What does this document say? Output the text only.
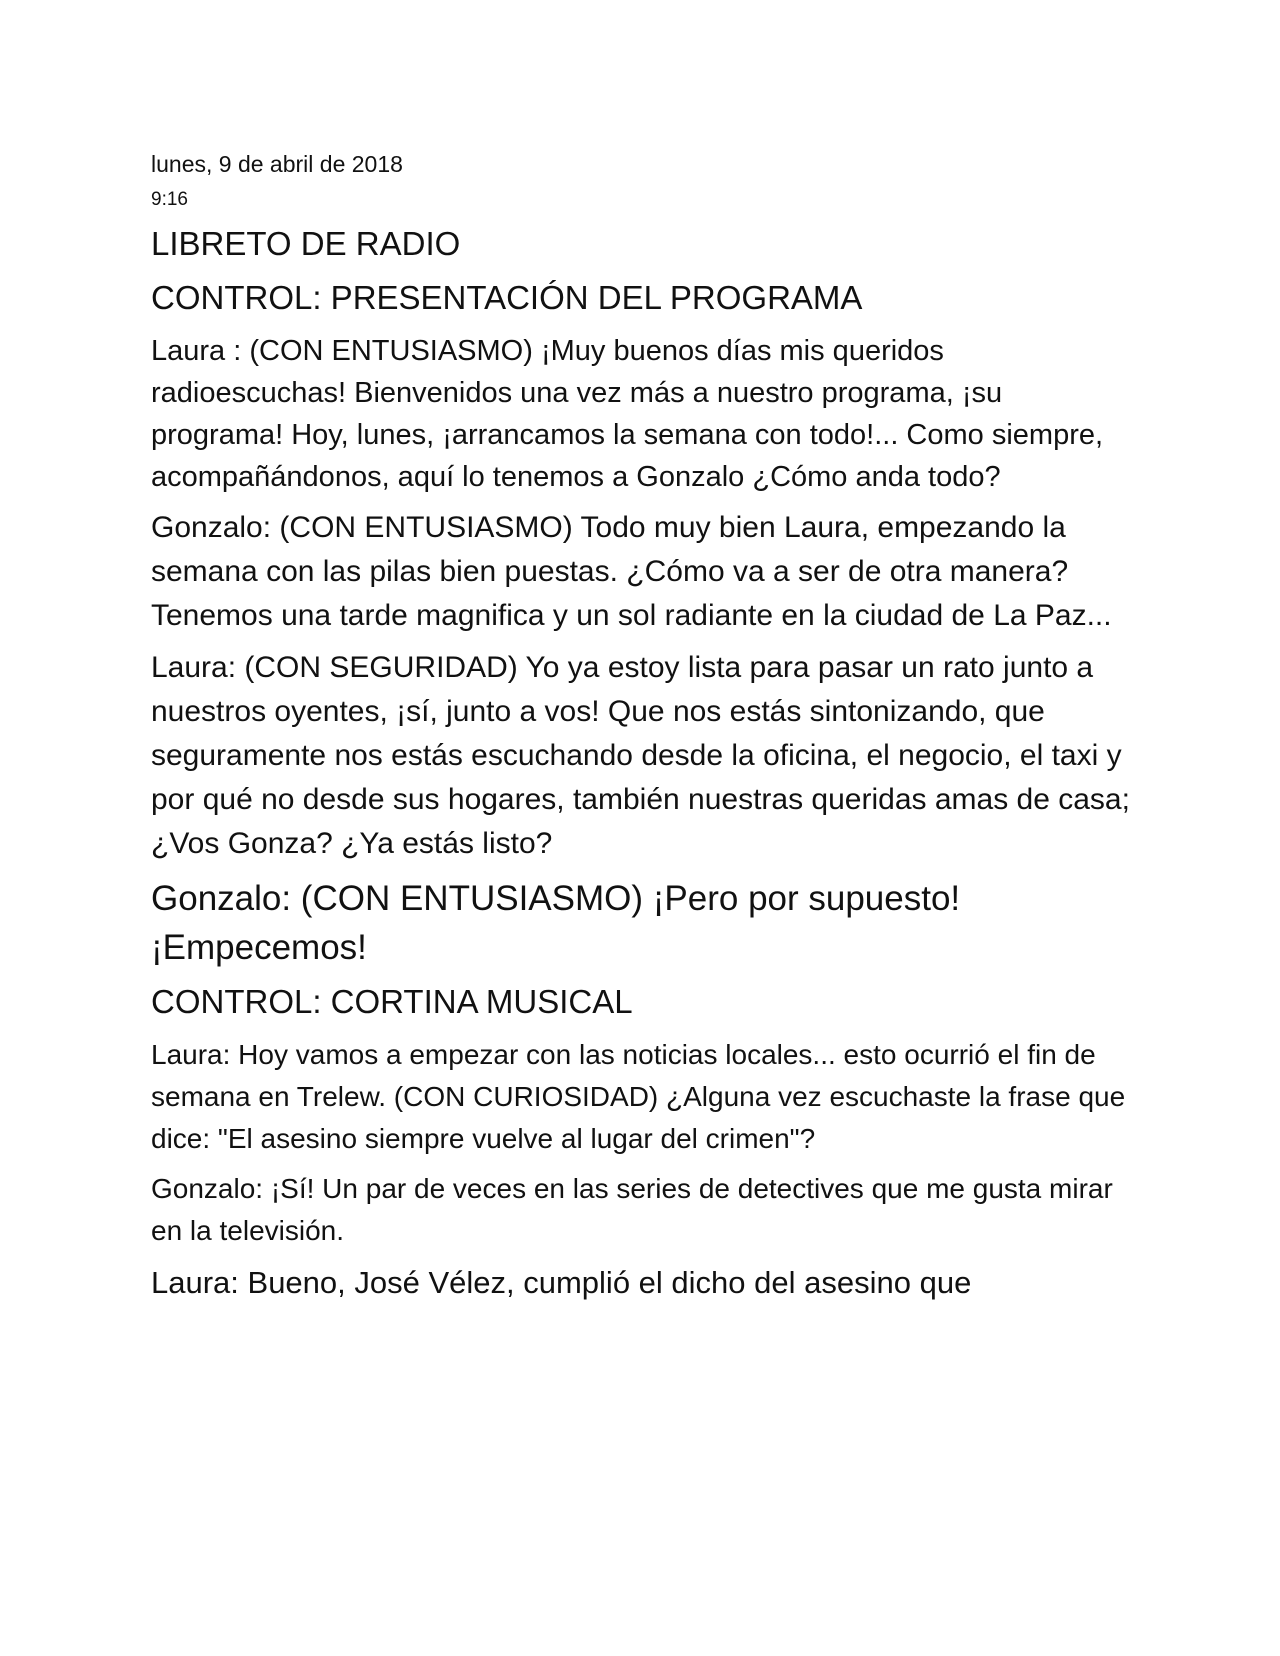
lunes, 9 de abril de 2018

9:16

LIBRETO DE RADIO
CONTROL: PRESENTACIÓN DEL PROGRAMA

Laura : (CON ENTUSIASMO) ¡Muy buenos días mis queridos radioescuchas! Bienvenidos una vez más a nuestro programa, ¡su programa! Hoy, lunes, ¡arrancamos la semana con todo!... Como siempre, acompañándonos, aquí lo tenemos a Gonzalo ¿Cómo anda todo?

Gonzalo: (CON ENTUSIASMO) Todo muy bien Laura, empezando la semana con las pilas bien puestas. ¿Cómo va a ser de otra manera? Tenemos una tarde magnifica y un sol radiante en la ciudad de La Paz...

Laura: (CON SEGURIDAD) Yo ya estoy lista para pasar un rato junto a nuestros oyentes, ¡sí, junto a vos! Que nos estás sintonizando, que seguramente nos estás escuchando desde la oficina, el negocio, el taxi y por qué no desde sus hogares, también nuestras queridas amas de casa; ¿Vos Gonza? ¿Ya estás listo?

Gonzalo: (CON ENTUSIASMO) ¡Pero por supuesto! ¡Empecemos!

CONTROL: CORTINA MUSICAL

Laura: Hoy vamos a empezar con las noticias locales... esto ocurrió el fin de semana en Trelew. (CON CURIOSIDAD) ¿Alguna vez escuchaste la frase que dice: "El asesino siempre vuelve al lugar del crimen"?

Gonzalo: ¡Sí! Un par de veces en las series de detectives que me gusta mirar en la televisión.

Laura: Bueno, José Vélez, cumplió el dicho del asesino que
